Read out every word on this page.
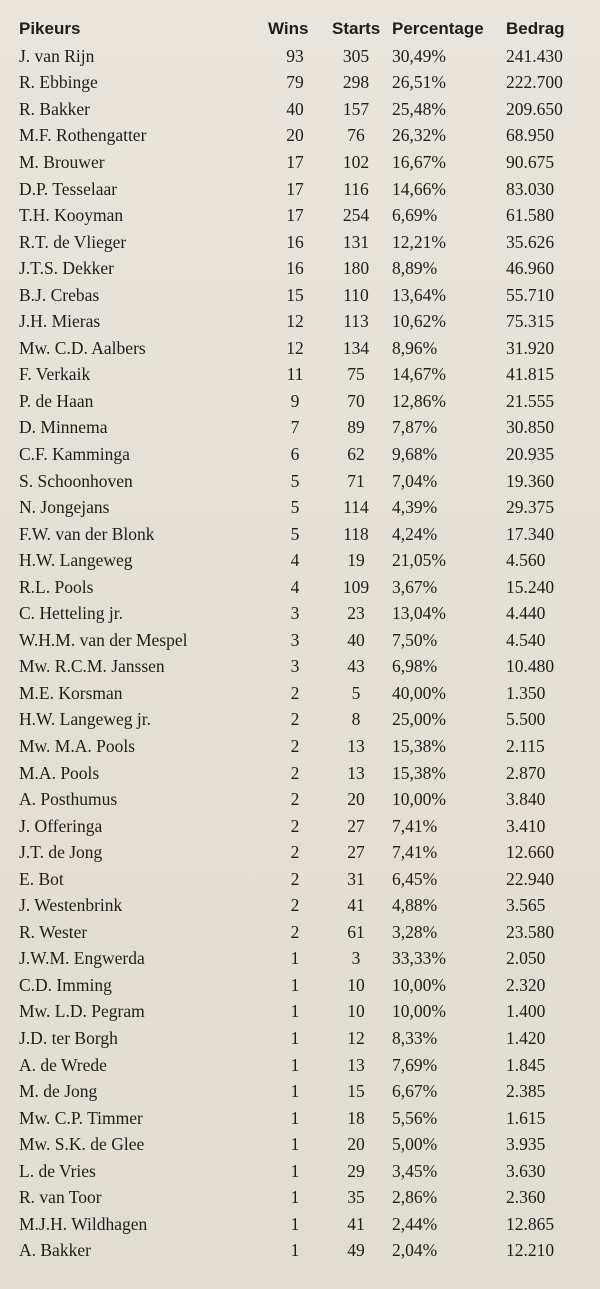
Pikeurs	Wins	Starts	Percentage	Bedrag
J. van Rijn	93	305	30,49%	241.430
R. Ebbinge	79	298	26,51%	222.700
R. Bakker	40	157	25,48%	209.650
M.F. Rothengatter	20	76	26,32%	68.950
M. Brouwer	17	102	16,67%	90.675
D.P. Tesselaar	17	116	14,66%	83.030
T.H. Kooyman	17	254	6,69%	61.580
R.T. de Vlieger	16	131	12,21%	35.626
J.T.S. Dekker	16	180	8,89%	46.960
B.J. Crebas	15	110	13,64%	55.710
J.H. Mieras	12	113	10,62%	75.315
Mw. C.D. Aalbers	12	134	8,96%	31.920
F. Verkaik	11	75	14,67%	41.815
P. de Haan	9	70	12,86%	21.555
D. Minnema	7	89	7,87%	30.850
C.F. Kamminga	6	62	9,68%	20.935
S. Schoonhoven	5	71	7,04%	19.360
N. Jongejans	5	114	4,39%	29.375
F.W. van der Blonk	5	118	4,24%	17.340
H.W. Langeweg	4	19	21,05%	4.560
R.L. Pools	4	109	3,67%	15.240
C. Hetteling jr.	3	23	13,04%	4.440
W.H.M. van der Mespel	3	40	7,50%	4.540
Mw. R.C.M. Janssen	3	43	6,98%	10.480
M.E. Korsman	2	5	40,00%	1.350
H.W. Langeweg jr.	2	8	25,00%	5.500
Mw. M.A. Pools	2	13	15,38%	2.115
M.A. Pools	2	13	15,38%	2.870
A. Posthumus	2	20	10,00%	3.840
J. Offeringa	2	27	7,41%	3.410
J.T. de Jong	2	27	7,41%	12.660
E. Bot	2	31	6,45%	22.940
J. Westenbrink	2	41	4,88%	3.565
R. Wester	2	61	3,28%	23.580
J.W.M. Engwerda	1	3	33,33%	2.050
C.D. Imming	1	10	10,00%	2.320
Mw. L.D. Pegram	1	10	10,00%	1.400
J.D. ter Borgh	1	12	8,33%	1.420
A. de Wrede	1	13	7,69%	1.845
M. de Jong	1	15	6,67%	2.385
Mw. C.P. Timmer	1	18	5,56%	1.615
Mw. S.K. de Glee	1	20	5,00%	3.935
L. de Vries	1	29	3,45%	3.630
R. van Toor	1	35	2,86%	2.360
M.J.H. Wildhagen	1	41	2,44%	12.865
A. Bakker	1	49	2,04%	12.210
